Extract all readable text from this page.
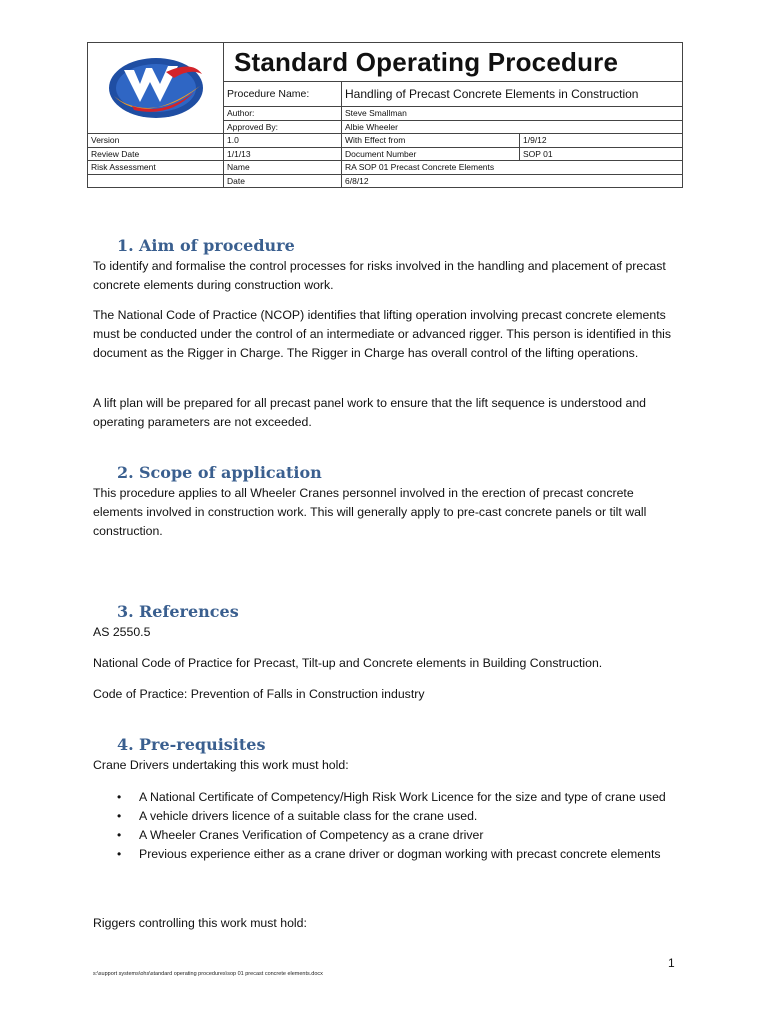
	Standard Operating Procedure		
	Procedure Name:	Handling of Precast Concrete Elements in Construction	
	Author:	Steve Smallman	
	Approved By:	Albie Wheeler	
Version	1.0	With Effect from	1/9/12
Review Date	1/1/13	Document Number	SOP 01
Risk Assessment	Name	RA SOP 01 Precast Concrete Elements	
	Date	6/8/12	
1. Aim of procedure

To identify and formalise the control processes for risks involved in the handling and placement of precast concrete elements during construction work.

The National Code of Practice (NCOP) identifies that lifting operation involving precast concrete elements must be conducted under the control of an intermediate or advanced rigger. This person is identified in this document as the Rigger in Charge. The Rigger in Charge has overall control of the lifting operations.

A lift plan will be prepared for all precast panel work to ensure that the lift sequence is understood and operating parameters are not exceeded.

2. Scope of application

This procedure applies to all Wheeler Cranes personnel involved in the erection of precast concrete elements involved in construction work. This will generally apply to pre-cast concrete panels or tilt wall construction.

3. References

AS 2550.5

National Code of Practice for Precast, Tilt-up and Concrete elements in Building Construction.

Code of Practice: Prevention of Falls in Construction industry

4. Pre-requisites

Crane Drivers undertaking this work must hold:

• A National Certificate of Competency/High Risk Work Licence for the size and type of crane used
• A vehicle drivers licence of a suitable class for the crane used.
• A Wheeler Cranes Verification of Competency as a crane driver
• Previous experience either as a crane driver or dogman working with precast concrete elements

Riggers controlling this work must hold:

1
s:\support systems\ohs\standard operating procedures\sop 01 precast concrete elements.docx
